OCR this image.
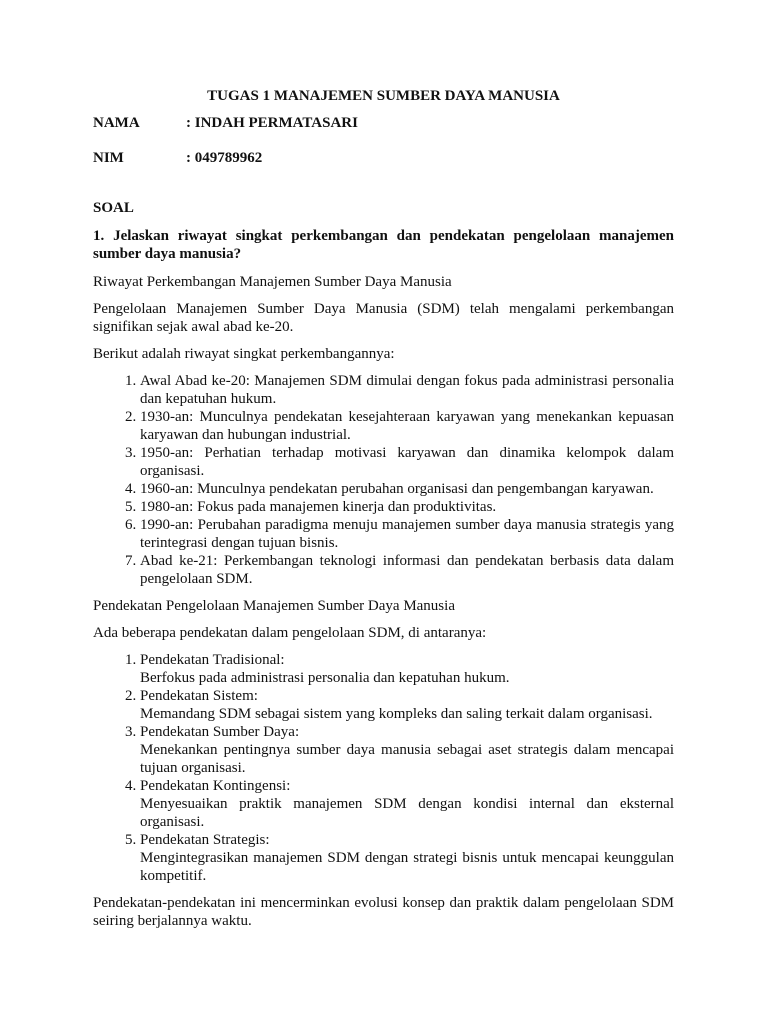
TUGAS 1 MANAJEMEN SUMBER DAYA MANUSIA
NAMA	: INDAH PERMATASARI
NIM	: 049789962
SOAL
1. Jelaskan riwayat singkat perkembangan dan pendekatan pengelolaan manajemen sumber daya manusia?

Riwayat Perkembangan Manajemen Sumber Daya Manusia

Pengelolaan Manajemen Sumber Daya Manusia (SDM) telah mengalami perkembangan signifikan sejak awal abad ke-20.

Berikut adalah riwayat singkat perkembangannya:

1. Awal Abad ke-20: Manajemen SDM dimulai dengan fokus pada administrasi personalia dan kepatuhan hukum.
2. 1930-an: Munculnya pendekatan kesejahteraan karyawan yang menekankan kepuasan karyawan dan hubungan industrial.
3. 1950-an: Perhatian terhadap motivasi karyawan dan dinamika kelompok dalam organisasi.
4. 1960-an: Munculnya pendekatan perubahan organisasi dan pengembangan karyawan.
5. 1980-an: Fokus pada manajemen kinerja dan produktivitas.
6. 1990-an: Perubahan paradigma menuju manajemen sumber daya manusia strategis yang terintegrasi dengan tujuan bisnis.
7. Abad ke-21: Perkembangan teknologi informasi dan pendekatan berbasis data dalam pengelolaan SDM.

Pendekatan Pengelolaan Manajemen Sumber Daya Manusia

Ada beberapa pendekatan dalam pengelolaan SDM, di antaranya:

1. Pendekatan Tradisional:
Berfokus pada administrasi personalia dan kepatuhan hukum.
2. Pendekatan Sistem:
Memandang SDM sebagai sistem yang kompleks dan saling terkait dalam organisasi.
3. Pendekatan Sumber Daya:
Menekankan pentingnya sumber daya manusia sebagai aset strategis dalam mencapai tujuan organisasi.
4. Pendekatan Kontingensi:
Menyesuaikan praktik manajemen SDM dengan kondisi internal dan eksternal organisasi.
5. Pendekatan Strategis:
Mengintegrasikan manajemen SDM dengan strategi bisnis untuk mencapai keunggulan kompetitif.

Pendekatan-pendekatan ini mencerminkan evolusi konsep dan praktik dalam pengelolaan SDM seiring berjalannya waktu.
